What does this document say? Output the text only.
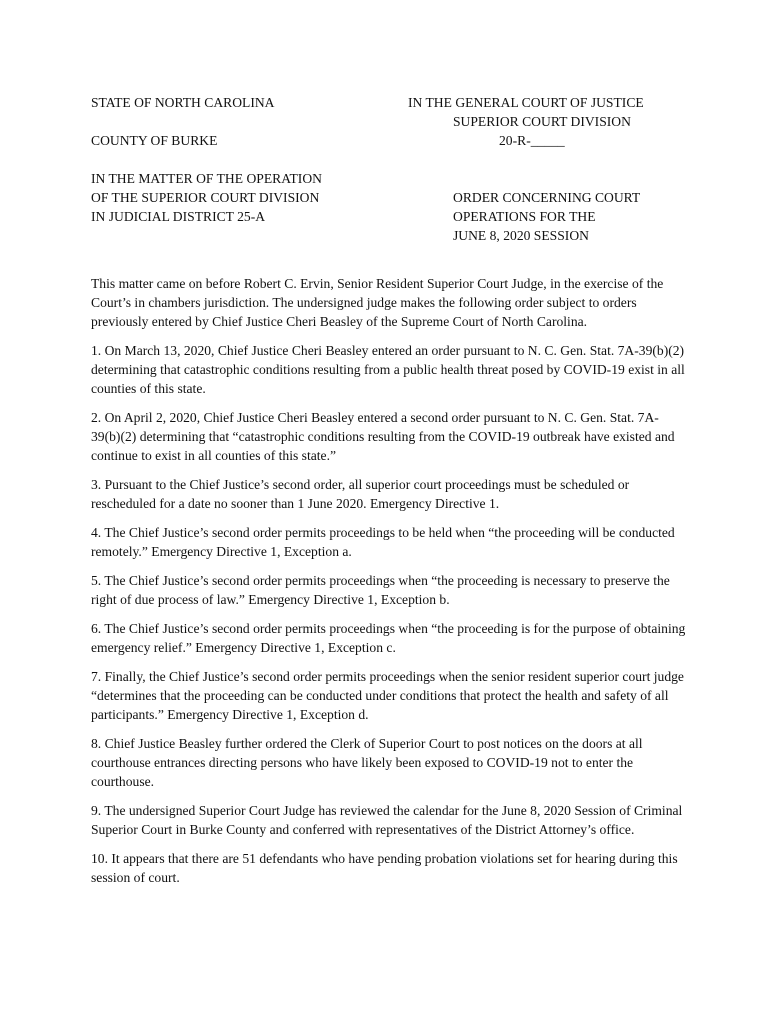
STATE OF NORTH CAROLINA
COUNTY OF BURKE
IN THE MATTER OF THE OPERATION
OF THE SUPERIOR COURT DIVISION
IN JUDICIAL DISTRICT 25-A
IN THE GENERAL COURT OF JUSTICE
SUPERIOR COURT DIVISION
20-R-_____
ORDER CONCERNING COURT
OPERATIONS FOR THE
JUNE 8, 2020 SESSION

This matter came on before Robert C. Ervin, Senior Resident Superior Court Judge, in the exercise of the Court’s in chambers jurisdiction. The undersigned judge makes the following order subject to orders previously entered by Chief Justice Cheri Beasley of the Supreme Court of North Carolina.

1. On March 13, 2020, Chief Justice Cheri Beasley entered an order pursuant to N. C. Gen. Stat. 7A-39(b)(2) determining that catastrophic conditions resulting from a public health threat posed by COVID-19 exist in all counties of this state.

2. On April 2, 2020, Chief Justice Cheri Beasley entered a second order pursuant to N. C. Gen. Stat. 7A-39(b)(2) determining that “catastrophic conditions resulting from the COVID-19 outbreak have existed and continue to exist in all counties of this state.”

3. Pursuant to the Chief Justice’s second order, all superior court proceedings must be scheduled or rescheduled for a date no sooner than 1 June 2020. Emergency Directive 1.

4. The Chief Justice’s second order permits proceedings to be held when “the proceeding will be conducted remotely.” Emergency Directive 1, Exception a.

5. The Chief Justice’s second order permits proceedings when “the proceeding is necessary to preserve the right of due process of law.” Emergency Directive 1, Exception b.

6. The Chief Justice’s second order permits proceedings when “the proceeding is for the purpose of obtaining emergency relief.” Emergency Directive 1, Exception c.

7. Finally, the Chief Justice’s second order permits proceedings when the senior resident superior court judge “determines that the proceeding can be conducted under conditions that protect the health and safety of all participants.” Emergency Directive 1, Exception d.

8. Chief Justice Beasley further ordered the Clerk of Superior Court to post notices on the doors at all courthouse entrances directing persons who have likely been exposed to COVID-19 not to enter the courthouse.

9. The undersigned Superior Court Judge has reviewed the calendar for the June 8, 2020 Session of Criminal Superior Court in Burke County and conferred with representatives of the District Attorney’s office.

10. It appears that there are 51 defendants who have pending probation violations set for hearing during this session of court.
